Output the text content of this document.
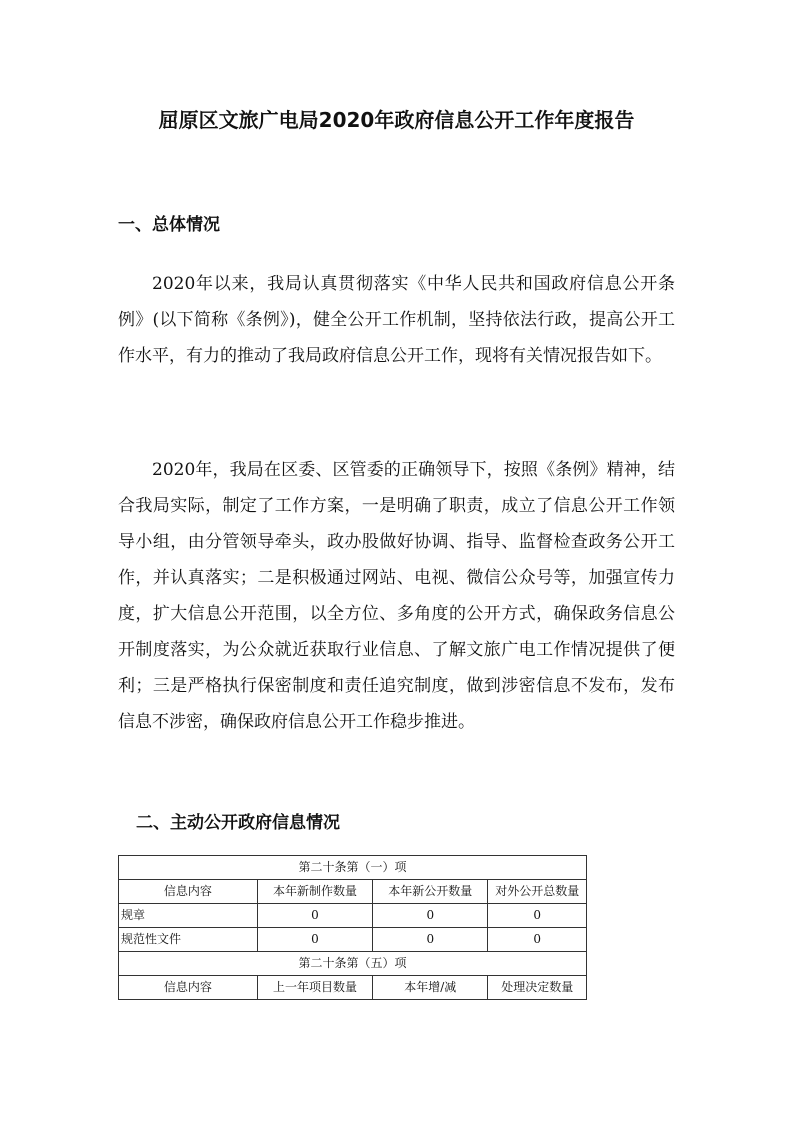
屈原区文旅广电局2020年政府信息公开工作年度报告
一、总体情况

2020年以来，我局认真贯彻落实《中华人民共和国政府信息公开条例》(以下简称《条例》)，健全公开工作机制，坚持依法行政，提高公开工作水平，有力的推动了我局政府信息公开工作，现将有关情况报告如下。

2020年，我局在区委、区管委的正确领导下，按照《条例》精神，结合我局实际，制定了工作方案，一是明确了职责，成立了信息公开工作领导小组，由分管领导牵头，政办股做好协调、指导、监督检查政务公开工作，并认真落实；二是积极通过网站、电视、微信公众号等，加强宣传力度，扩大信息公开范围，以全方位、多角度的公开方式，确保政务信息公开制度落实，为公众就近获取行业信息、了解文旅广电工作情况提供了便利；三是严格执行保密制度和责任追究制度，做到涉密信息不发布，发布信息不涉密，确保政府信息公开工作稳步推进。

二、主动公开政府信息情况
第二十条第（一）项			
信息内容	本年新制作数量	本年新公开数量	对外公开总数量
规章	0	0	0
规范性文件	0	0	0
第二十条第（五）项			
信息内容	上一年项目数量	本年增/减	处理决定数量
